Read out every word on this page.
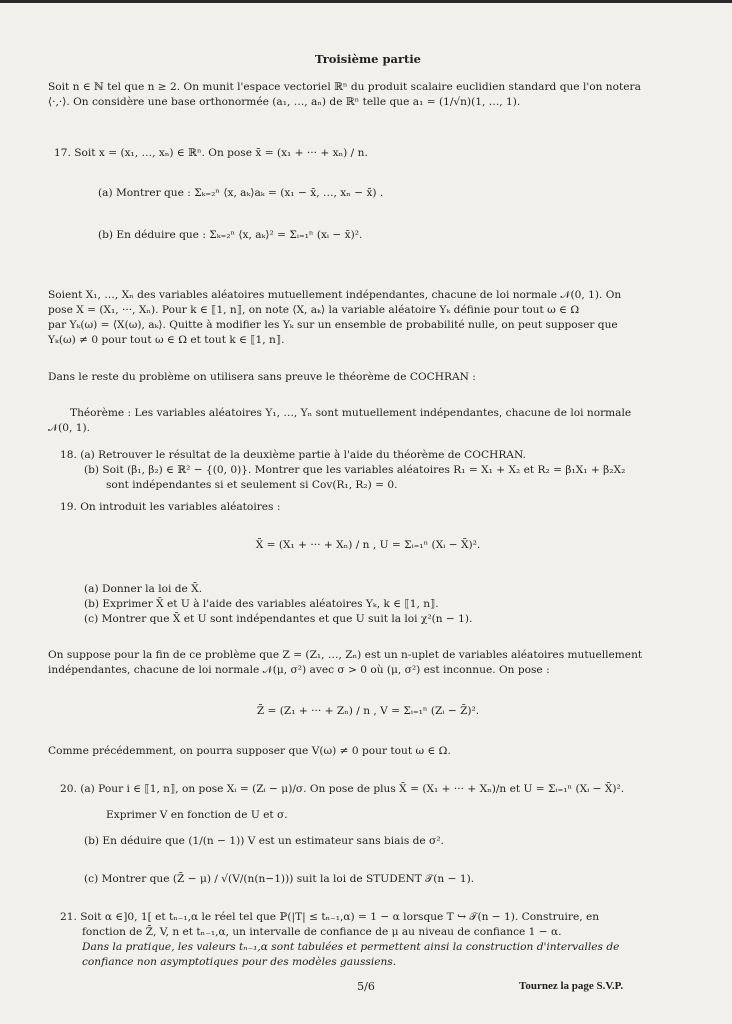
Troisième partie
Soit n ∈ ℕ tel que n ≥ 2. On munit l'espace vectoriel ℝⁿ du produit scalaire euclidien standard que l'on notera
⟨·,·⟩. On considère une base orthonormée (a₁, …, aₙ) de ℝⁿ telle que a₁ = (1/√n)(1, …, 1).
17. Soit x = (x₁, …, xₙ) ∈ ℝⁿ. On pose x̄ = (x₁ + ··· + xₙ) / n.
(a) Montrer que : Σₖ₌₂ⁿ ⟨x, aₖ⟩aₖ = (x₁ − x̄, …, xₙ − x̄) .
(b) En déduire que : Σₖ₌₂ⁿ ⟨x, aₖ⟩² = Σᵢ₌₁ⁿ (xᵢ − x̄)².
Soient X₁, …, Xₙ des variables aléatoires mutuellement indépendantes, chacune de loi normale 𝒩(0, 1). On
pose X = (X₁, ···, Xₙ). Pour k ∈ ⟦1, n⟧, on note ⟨X, aₖ⟩ la variable aléatoire Yₖ définie pour tout ω ∈ Ω
par Yₖ(ω) = ⟨X(ω), aₖ⟩. Quitte à modifier les Yₖ sur un ensemble de probabilité nulle, on peut supposer que
Yₖ(ω) ≠ 0 pour tout ω ∈ Ω et tout k ∈ ⟦1, n⟧.
Dans le reste du problème on utilisera sans preuve le théorème de COCHRAN :
Théorème : Les variables aléatoires Y₁, …, Yₙ sont mutuellement indépendantes, chacune de loi normale
𝒩(0, 1).
18. (a) Retrouver le résultat de la deuxième partie à l'aide du théorème de COCHRAN.
(b) Soit (β₁, β₂) ∈ ℝ² − {(0, 0)}. Montrer que les variables aléatoires R₁ = X₁ + X₂ et R₂ = β₁X₁ + β₂X₂
sont indépendantes si et seulement si Cov(R₁, R₂) = 0.
19. On introduit les variables aléatoires :
X̄ = (X₁ + ··· + Xₙ) / n , U = Σᵢ₌₁ⁿ (Xᵢ − X̄)².
(a) Donner la loi de X̄.
(b) Exprimer X̄ et U à l'aide des variables aléatoires Yₖ, k ∈ ⟦1, n⟧.
(c) Montrer que X̄ et U sont indépendantes et que U suit la loi χ²(n − 1).
On suppose pour la fin de ce problème que Z = (Z₁, …, Zₙ) est un n-uplet de variables aléatoires mutuellement
indépendantes, chacune de loi normale 𝒩(μ, σ²) avec σ > 0 où (μ, σ²) est inconnue. On pose :
Z̄ = (Z₁ + ··· + Zₙ) / n , V = Σᵢ₌₁ⁿ (Zᵢ − Z̄)².
Comme précédemment, on pourra supposer que V(ω) ≠ 0 pour tout ω ∈ Ω.
20. (a) Pour i ∈ ⟦1, n⟧, on pose Xᵢ = (Zᵢ − μ)/σ. On pose de plus X̄ = (X₁ + ··· + Xₙ)/n et U = Σᵢ₌₁ⁿ (Xᵢ − X̄)².
Exprimer V en fonction de U et σ.
(b) En déduire que (1/(n − 1)) V est un estimateur sans biais de σ².
(c) Montrer que (Z̄ − μ) / √(V/(n(n−1))) suit la loi de STUDENT 𝒯(n − 1).
21. Soit α ∈]0, 1[ et tₙ₋₁,α le réel tel que ℙ(|T| ≤ tₙ₋₁,α) = 1 − α lorsque T ↪ 𝒯(n − 1). Construire, en
fonction de Z̄, V, n et tₙ₋₁,α, un intervalle de confiance de μ au niveau de confiance 1 − α.
Dans la pratique, les valeurs tₙ₋₁,α sont tabulées et permettent ainsi la construction d'intervalles de
confiance non asymptotiques pour des modèles gaussiens.
5/6	Tournez la page S.V.P.
